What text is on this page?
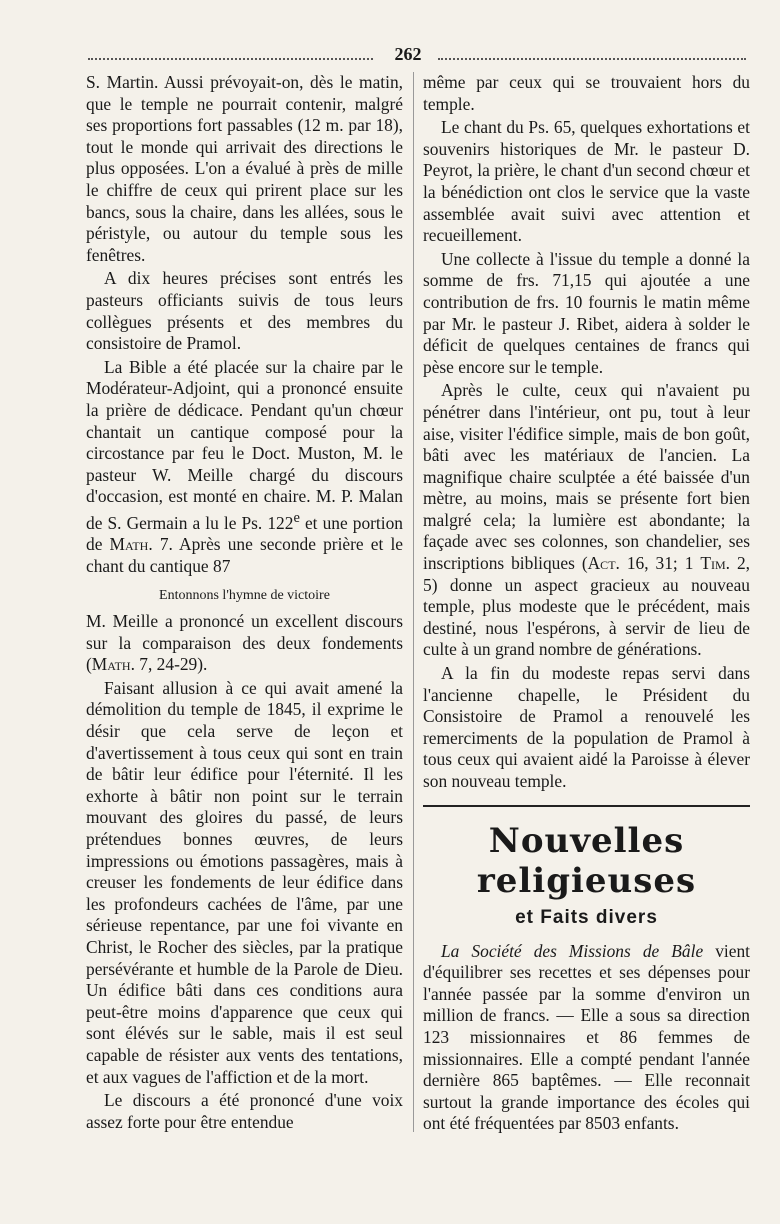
262

S. Martin. Aussi prévoyait-on, dès le matin, que le temple ne pourrait contenir, malgré ses proportions fort passables (12 m. par 18), tout le monde qui arrivait des directions le plus opposées. L'on a évalué à près de mille le chiffre de ceux qui prirent place sur les bancs, sous la chaire, dans les allées, sous le péristyle, ou autour du temple sous les fenêtres.

A dix heures précises sont entrés les pasteurs officiants suivis de tous leurs collègues présents et des membres du consistoire de Pramol.

La Bible a été placée sur la chaire par le Modérateur-Adjoint, qui a prononcé ensuite la prière de dédicace. Pendant qu'un chœur chantait un cantique composé pour la circostance par feu le Doct. Muston, M. le pasteur W. Meille chargé du discours d'occasion, est monté en chaire. M. P. Malan de S. Germain a lu le Ps. 122e et une portion de Math. 7. Après une seconde prière et le chant du cantique 87

Entonnons l'hymne de victoire

M. Meille a prononcé un excellent discours sur la comparaison des deux fondements (Math. 7, 24-29).

Faisant allusion à ce qui avait amené la démolition du temple de 1845, il exprime le désir que cela serve de leçon et d'avertissement à tous ceux qui sont en train de bâtir leur édifice pour l'éternité. Il les exhorte à bâtir non point sur le terrain mouvant des gloires du passé, de leurs prétendues bonnes œuvres, de leurs impressions ou émotions passagères, mais à creuser les fondements de leur édifice dans les profondeurs cachées de l'âme, par une sérieuse repentance, par une foi vivante en Christ, le Rocher des siècles, par la pratique persévérante et humble de la Parole de Dieu. Un édifice bâti dans ces conditions aura peut-être moins d'apparence que ceux qui sont élévés sur le sable, mais il est seul capable de résister aux vents des tentations, et aux vagues de l'affiction et de la mort.

Le discours a été prononcé d'une voix assez forte pour être entendue

même par ceux qui se trouvaient hors du temple.

Le chant du Ps. 65, quelques exhortations et souvenirs historiques de Mr. le pasteur D. Peyrot, la prière, le chant d'un second chœur et la bénédiction ont clos le service que la vaste assemblée avait suivi avec attention et recueillement.

Une collecte à l'issue du temple a donné la somme de frs. 71,15 qui ajoutée a une contribution de frs. 10 fournis le matin même par Mr. le pasteur J. Ribet, aidera à solder le déficit de quelques centaines de francs qui pèse encore sur le temple.

Après le culte, ceux qui n'avaient pu pénétrer dans l'intérieur, ont pu, tout à leur aise, visiter l'édifice simple, mais de bon goût, bâti avec les matériaux de l'ancien. La magnifique chaire sculptée a été baissée d'un mètre, au moins, mais se présente fort bien malgré cela; la lumière est abondante; la façade avec ses colonnes, son chandelier, ses inscriptions bibliques (Act. 16, 31; 1 Tim. 2, 5) donne un aspect gracieux au nouveau temple, plus modeste que le précédent, mais destiné, nous l'espérons, à servir de lieu de culte à un grand nombre de générations.

A la fin du modeste repas servi dans l'ancienne chapelle, le Président du Consistoire de Pramol a renouvelé les remerciments de la population de Pramol à tous ceux qui avaient aidé la Paroisse à élever son nouveau temple.

Nouvelles religieuses
et Faits divers

La Société des Missions de Bâle vient d'équilibrer ses recettes et ses dépenses pour l'année passée par la somme d'environ un million de francs. — Elle a sous sa direction 123 missionnaires et 86 femmes de missionnaires. Elle a compté pendant l'année dernière 865 baptêmes. — Elle reconnait surtout la grande importance des écoles qui ont été fréquentées par 8503 enfants.
